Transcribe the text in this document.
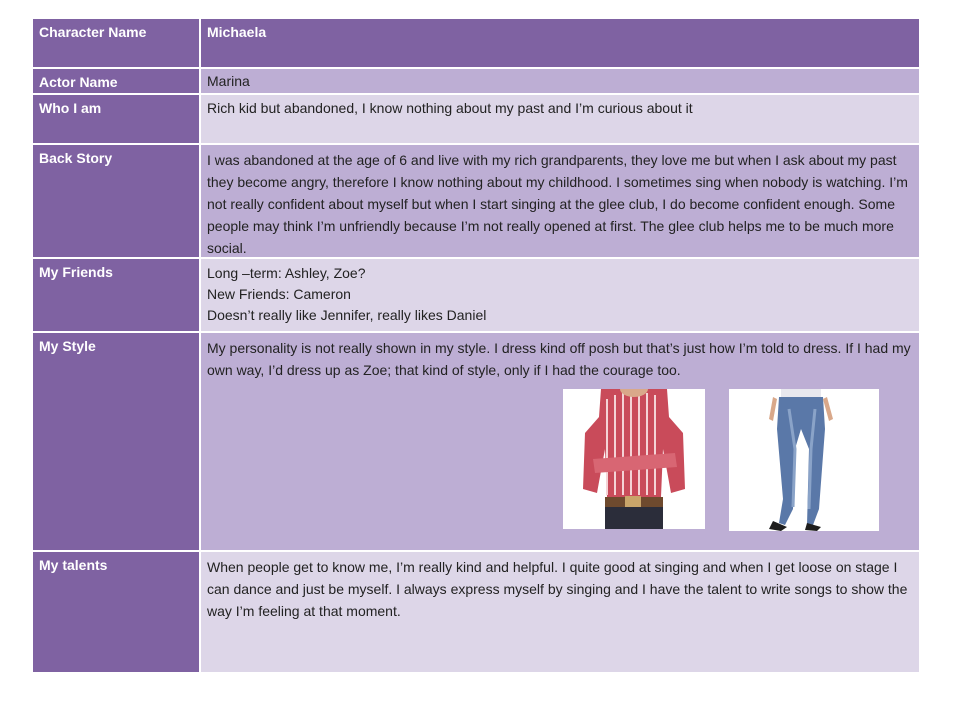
Character Name	Michaela
Actor Name	Marina
Who I am	Rich kid but abandoned, I know nothing about my past and I’m curious about it
Back Story	I was abandoned at the age of 6 and live with my rich grandparents, they love me but when I ask about my past they become angry, therefore I know nothing about my childhood. I sometimes sing when nobody is watching. I’m not really confident about myself but when I start singing at the glee club, I do become confident enough. Some people may think I’m unfriendly because I’m not really opened at first. The glee club helps me to be much more social.
My Friends	Long –term: Ashley, Zoe?
New Friends: Cameron
Doesn’t really like Jennifer, really likes Daniel
My Style	My personality is not really shown in my style. I dress kind off posh but that’s just how I’m told to dress. If I had my own way, I’d dress up as Zoe; that kind of style, only if I had the courage too.
My talents	When people get to know me, I’m really kind and helpful. I quite good at singing and when I get loose on stage I can dance and just be myself. I always express myself by singing and I have the talent to write songs to show the way I’m feeling at that moment.
